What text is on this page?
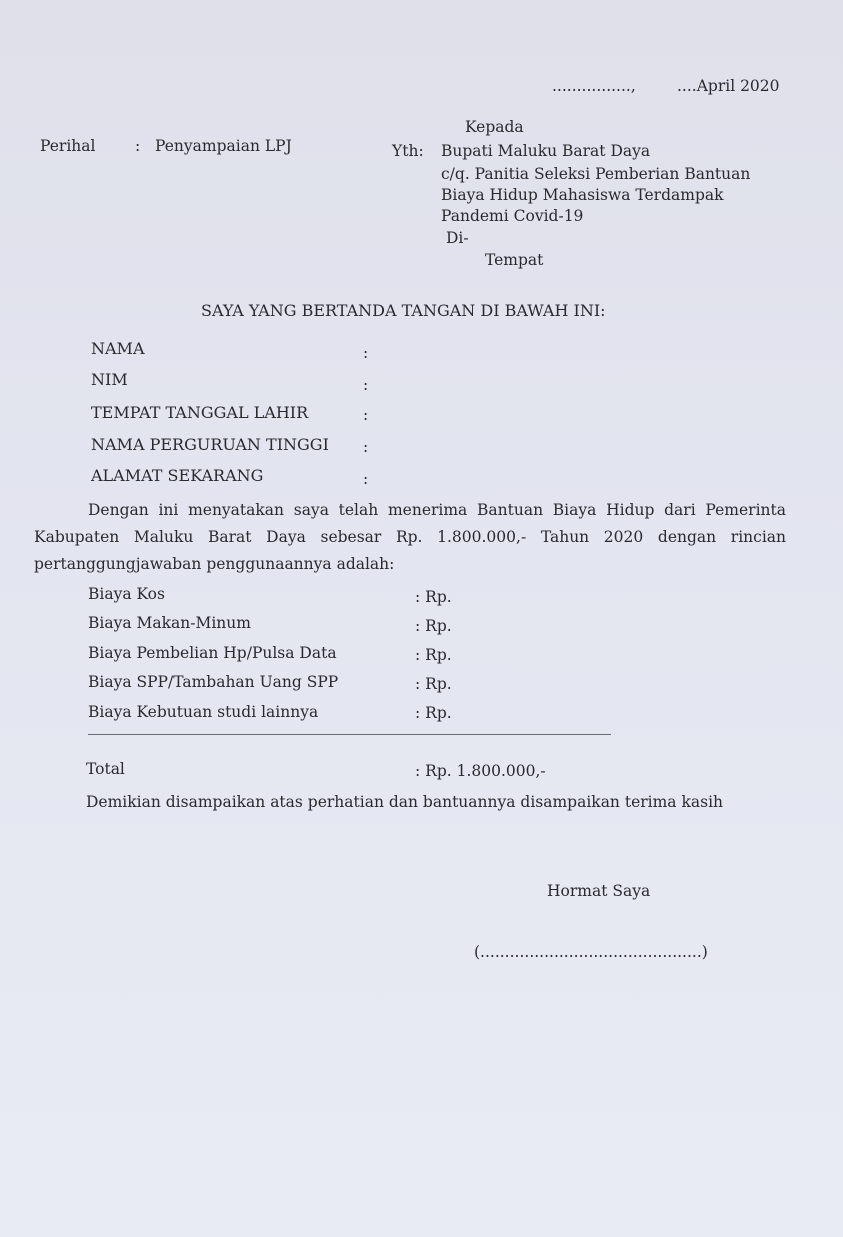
................,	....April 2020
Perihal	: Penyampaian LPJ
Kepada
Yth: Bupati Maluku Barat Daya
c/q. Panitia Seleksi Pemberian Bantuan
Biaya Hidup Mahasiswa Terdampak
Pandemi Covid-19
Di-
Tempat
SAYA YANG BERTANDA TANGAN DI BAWAH INI:
NAMA	:
NIM	:
TEMPAT TANGGAL LAHIR	:
NAMA PERGURUAN TINGGI :
ALAMAT SEKARANG	:
Dengan ini menyatakan saya telah menerima Bantuan Biaya Hidup dari Pemerinta Kabupaten Maluku Barat Daya sebesar Rp. 1.800.000,- Tahun 2020 dengan rincian pertanggungjawaban penggunaannya adalah:
Biaya Kos	: Rp.
Biaya Makan-Minum	: Rp.
Biaya Pembelian Hp/Pulsa Data	: Rp.
Biaya SPP/Tambahan Uang SPP	: Rp.
Biaya Kebutuan studi lainnya	: Rp.
Total	: Rp. 1.800.000,-
Demikian disampaikan atas perhatian dan bantuannya disampaikan terima kasih
Hormat Saya
(.............................................)
